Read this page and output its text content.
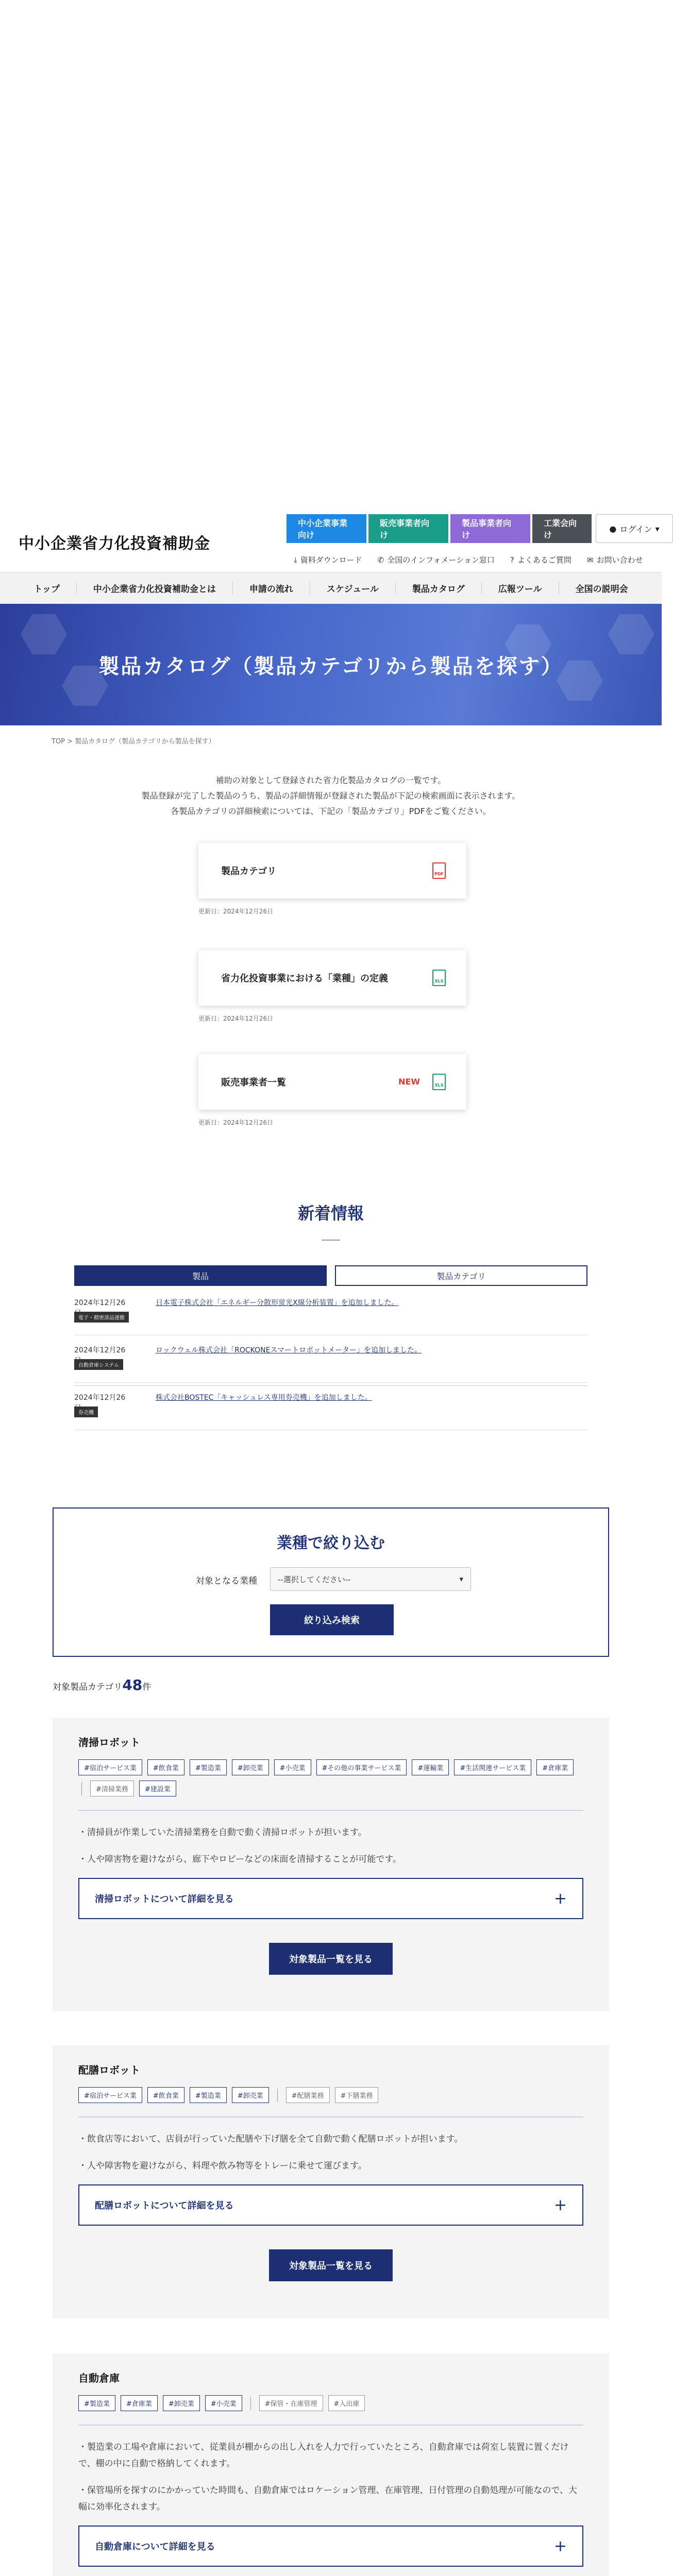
中小企業省力化投資補助金
中小企業事業向け
販売事業者向け
製品事業者向け
工業会向け
● ログイン ▾
⤓ 資料ダウンロード ✆ 全国のインフォメーション窓口 ? よくあるご質問 ✉ お問い合わせ
トップ	中小企業省力化投資補助金とは	申請の流れ	スケジュール	製品カタログ	広報ツール	全国の説明会
製品カタログ（製品カテゴリから製品を探す）
TOP > 製品カタログ（製品カテゴリから製品を探す）

補助の対象として登録された省力化製品カタログの一覧です。

製品登録が完了した製品のうち、製品の詳細情報が登録された製品が下記の検索画面に表示されます。

各製品カテゴリの詳細検索については、下記の「製品カテゴリ」PDFをご覧ください。

製品カテゴリ	PDF
更新日：2024年12月26日
省力化投資事業における「業種」の定義	XLS
更新日：2024年12月26日
販売事業者一覧	NEW	XLS
更新日：2024年12月26日
新着情報
製品	製品カテゴリ
2024年12月26
電子・精密部品運搬
日本電子株式会社「エネルギー分散形蛍光X線分析装置」を追加しました。
2024年12月26
自動倉庫システム
ロックウェル株式会社「ROCKONEスマートロボットメーター」を追加しました。
2024年12月26
券売機
株式会社BOSTEC「キャッシュレス専用券売機」を追加しました。
業種で絞り込む
対象となる業種	--選択してください--	▾
絞り込み検索
対象製品カテゴリ48件
清掃ロボット
#宿泊サービス業	#飲食業	#製造業	#卸売業	#小売業	#その他の事業サービス業	#運輸業	#生活関連サービス業	#倉庫業
#清掃業務	#建設業

・清掃員が作業していた清掃業務を自動で動く清掃ロボットが担います。

・人や障害物を避けながら、廊下やロビーなどの床面を清掃することが可能です。

清掃ロボットについて詳細を見る	+
対象製品一覧を見る
配膳ロボット
#宿泊サービス業	#飲食業	#製造業	#卸売業	#配膳業務	#下膳業務

・飲食店等において、店員が行っていた配膳や下げ膳を全て自動で動く配膳ロボットが担います。

・人や障害物を避けながら、料理や飲み物等をトレーに乗せて運びます。

配膳ロボットについて詳細を見る	+
対象製品一覧を見る
自動倉庫
#製造業	#倉庫業	#卸売業	#小売業	#保管・在庫管理	#入出庫

・製造業の工場や倉庫において、従業員が棚からの出し入れを人力で行っていたところ、自動倉庫では荷室し装置に置くだけで、棚の中に自動で格納してくれます。

・保管場所を探すのにかかっていた時間も、自動倉庫ではロケーション管理、在庫管理、日付管理の自動処理が可能なので、大幅に効率化されます。

自動倉庫について詳細を見る	+
